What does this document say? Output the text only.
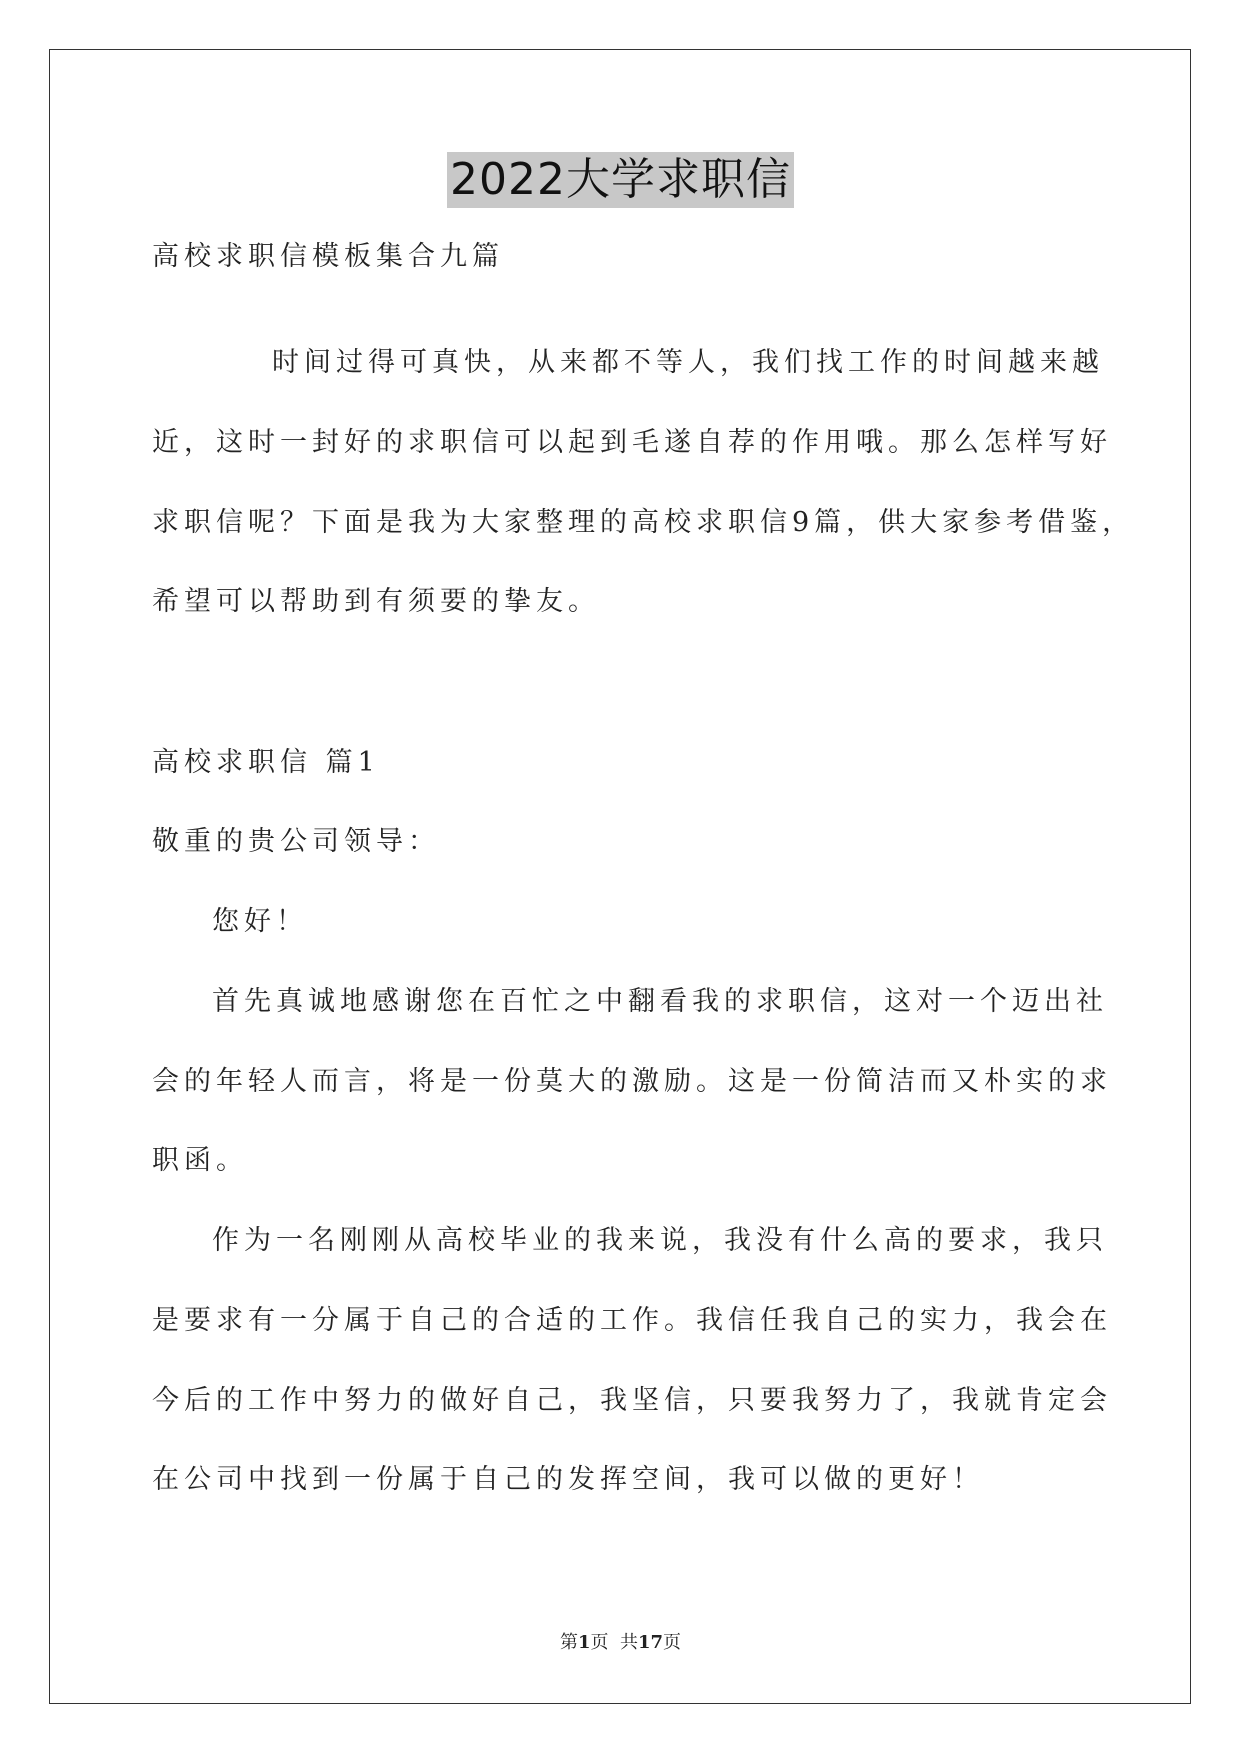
2022大学求职信
高校求职信模板集合九篇
时间过得可真快，从来都不等人，我们找工作的时间越来越
近，这时一封好的求职信可以起到毛遂自荐的作用哦。那么怎样写好
求职信呢？下面是我为大家整理的高校求职信9篇，供大家参考借鉴，
希望可以帮助到有须要的挚友。
高校求职信 篇1
敬重的贵公司领导：
您好！
首先真诚地感谢您在百忙之中翻看我的求职信，这对一个迈出社
会的年轻人而言，将是一份莫大的激励。这是一份简洁而又朴实的求
职函。
作为一名刚刚从高校毕业的我来说，我没有什么高的要求，我只
是要求有一分属于自己的合适的工作。我信任我自己的实力，我会在
今后的工作中努力的做好自己，我坚信，只要我努力了，我就肯定会
在公司中找到一份属于自己的发挥空间，我可以做的更好！
第1页  共17页
